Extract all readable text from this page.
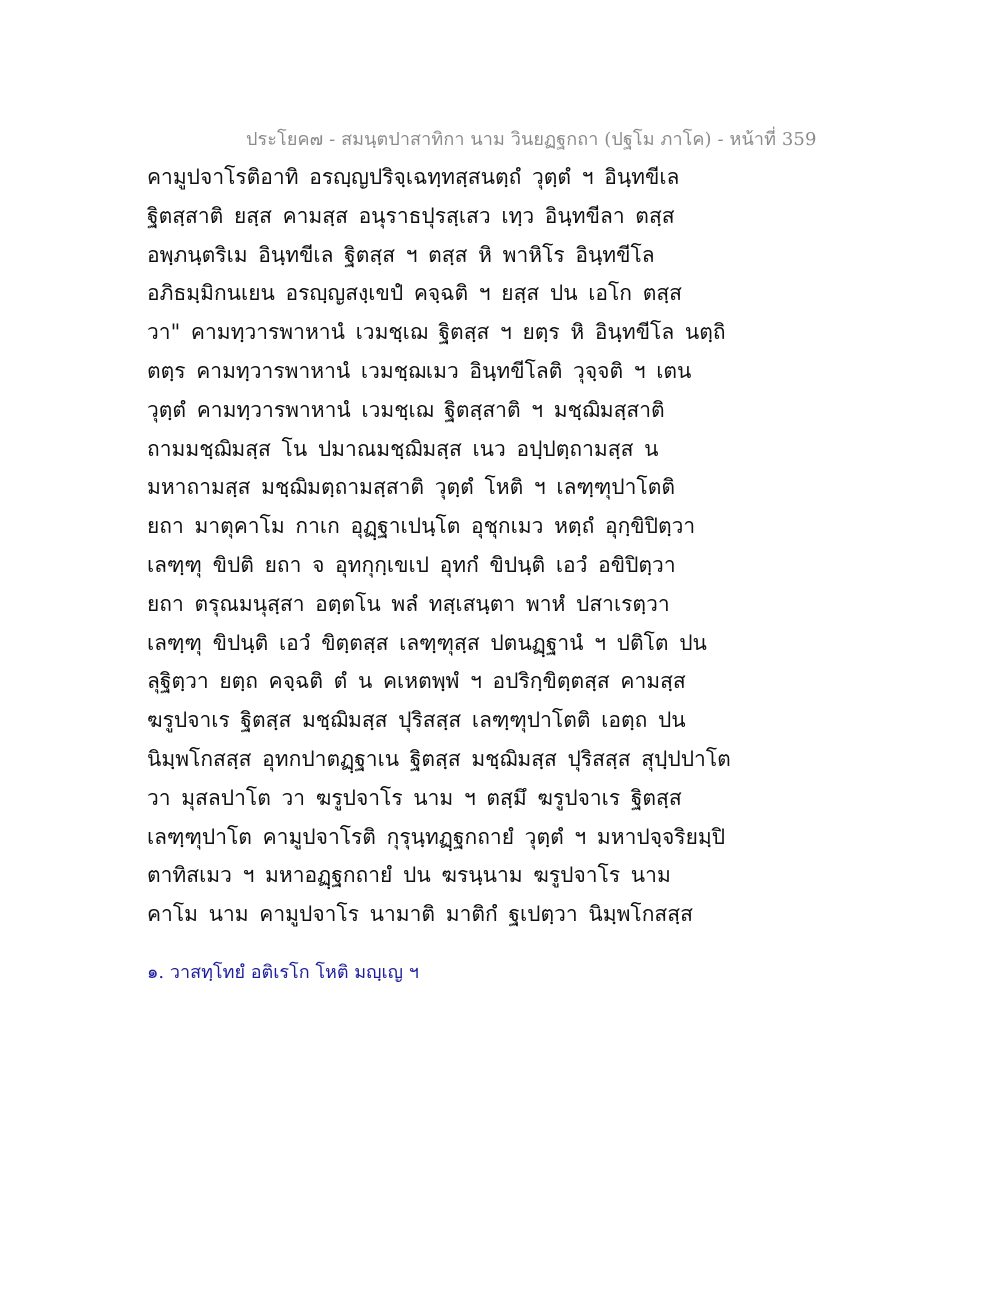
ประโยค๗ - สมนฺตปาสาทิกา นาม วินยฏฐกถา (ปฐโม ภาโค) - หน้าที่ 359
คามูปจาโรติอาทิ อรญฺญปริจฺเฉทฺทสฺสนตฺถํ วุตฺตํ ฯ อินฺทขีเล
ฐิตสฺสาติ ยสฺส คามสฺส อนุราธปุรสฺเสว เทฺว อินฺทขีลา ตสฺส
อพฺภนฺตริเม อินฺทขีเล ฐิตสฺส ฯ ตสฺส หิ พาหิโร อินฺทขีโล
อภิธมฺมิกนเยน อรญฺญสงฺเขปํ คจฺฉติ ฯ ยสฺส ปน เอโก ตสฺส
วา" คามทฺวารพาหานํ เวมชฺเฌ ฐิตสฺส ฯ ยตฺร หิ อินฺทขีโล นตฺถิ
ตตฺร คามทฺวารพาหานํ เวมชฺฌเมว อินฺทขีโลติ วุจฺจติ ฯ เตน
วุตฺตํ คามทฺวารพาหานํ เวมชฺเฌ ฐิตสฺสาติ ฯ มชฺฌิมสฺสาติ
ถามมชฺฌิมสฺส โน ปมาณมชฺฌิมสฺส เนว อปฺปตฺถามสฺส น
มหาถามสฺส มชฺฌิมตฺถามสฺสาติ วุตฺตํ โหติ ฯ เลฑฺฑุปาโตติ
ยถา มาตุคาโม กาเก อุฏฺฐาเปนฺโต อุชุกเมว หตฺถํ อุกฺขิปิตฺวา
เลฑฺฑุ ขิปติ ยถา จ อุทกุกฺเขเป อุทกํ ขิปนฺติ เอวํ อขิปิตฺวา
ยถา ตรุณมนุสฺสา อตฺตโน พลํ ทสฺเสนฺตา พาหํ ปสาเรตฺวา
เลฑฺฑุ ขิปนฺติ เอวํ ขิตฺตสฺส เลฑฺฑุสฺส ปตนฏฺฐานํ ฯ ปติโต ปน
ลุฐิตฺวา ยตฺถ คจฺฉติ ตํ น คเหตพฺพํ ฯ อปริกฺขิตฺตสฺส คามสฺส
ฆรูปจาเร ฐิตสฺส มชฺฌิมสฺส ปุริสสฺส เลฑฺฑุปาโตติ เอตฺถ ปน
นิมฺพโกสสฺส อุทกปาตฏฺฐาเน ฐิตสฺส มชฺฌิมสฺส ปุริสสฺส สุปฺปปาโต
วา มุสลปาโต วา ฆรูปจาโร นาม ฯ ตสฺมึ ฆรูปจาเร ฐิตสฺส
เลฑฺฑุปาโต คามูปจาโรติ กุรุนฺทฏฺฐกถายํ วุตฺตํ ฯ มหาปจฺจริยมฺปิ
ตาทิสเมว ฯ มหาอฏฺฐกถายํ ปน ฆรนฺนาม ฆรูปจาโร นาม
คาโม นาม คามูปจาโร นามาติ มาติกํ ฐเปตฺวา นิมฺพโกสสฺส
๑. วาสทฺโทยํ อติเรโก โหติ มญฺเญ ฯ
